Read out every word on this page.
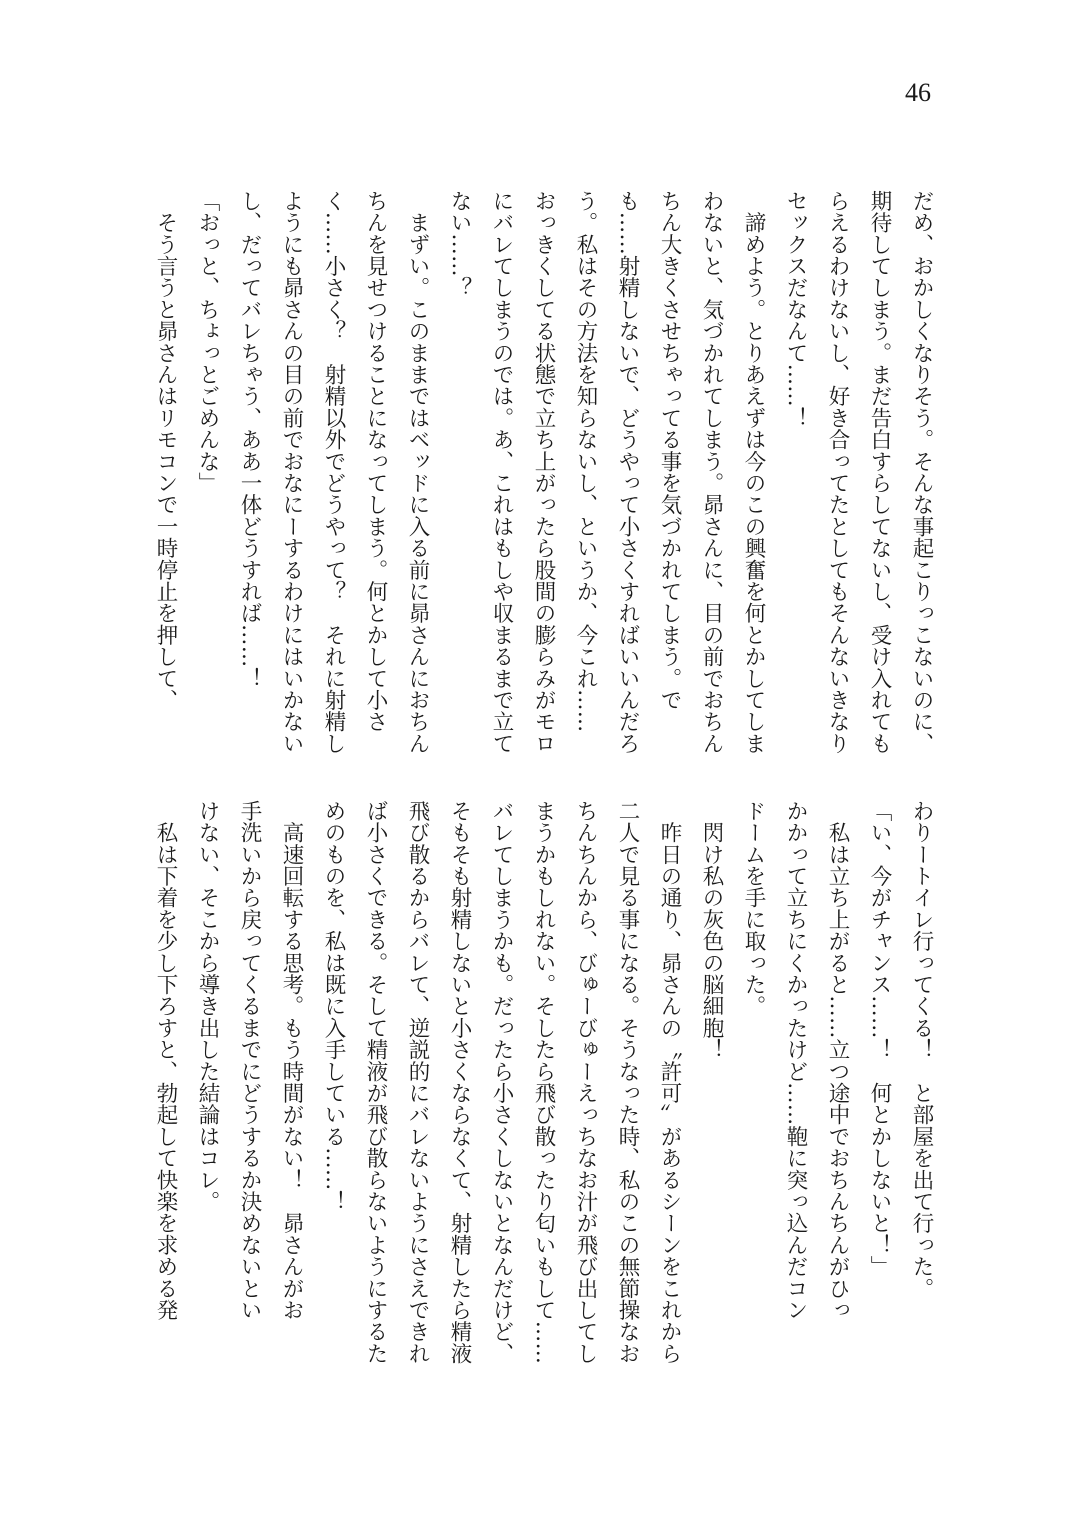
46
だめ、おかしくなりそう。そんな事起こりっこないのに、
期待してしまう。まだ告白すらしてないし、受け入れても
らえるわけないし、好き合ってたとしてもそんないきなり
セックスだなんて……！
　諦めよう。とりあえずは今のこの興奮を何とかしてしま
わないと、気づかれてしまう。昴さんに、目の前でおちん
ちん大きくさせちゃってる事を気づかれてしまう。で
も……射精しないで、どうやって小さくすればいいんだろ
う。私はその方法を知らないし、というか、今これ……
おっきくしてる状態で立ち上がったら股間の膨らみがモロ
にバレてしまうのでは。あ、これはもしや収まるまで立て
ない……？
　まずい。このままではベッドに入る前に昴さんにおちん
ちんを見せつけることになってしまう。何とかして小さ
く……小さく？　射精以外でどうやって？　それに射精し
ようにも昴さんの目の前でおなにーするわけにはいかない
し、だってバレちゃう、ああ一体どうすれば……！
「おっと、ちょっとごめんな」
　そう言うと昴さんはリモコンで一時停止を押して、
わりートイレ行ってくる！　と部屋を出て行った。
「い、今がチャンス……！　何とかしないと！」
　私は立ち上がると……立つ途中でおちんちんがひっ
かかって立ちにくかったけど……鞄に突っ込んだコン
ドームを手に取った。
　閃け私の灰色の脳細胞！
　昨日の通り、昴さんの〝許可〟があるシーンをこれから
二人で見る事になる。そうなった時、私のこの無節操なお
ちんちんから、びゅーびゅーえっちなお汁が飛び出してし
まうかもしれない。そしたら飛び散ったり匂いもして……
バレてしまうかも。だったら小さくしないとなんだけど、
そもそも射精しないと小さくならなくて、射精したら精液
飛び散るからバレて、逆説的にバレないようにさえできれ
ば小さくできる。そして精液が飛び散らないようにするた
めのものを、私は既に入手している……！
　高速回転する思考。もう時間がない！　昴さんがお
手洗いから戻ってくるまでにどうするか決めないとい
けない、そこから導き出した結論はコレ。
　私は下着を少し下ろすと、勃起して快楽を求める発
